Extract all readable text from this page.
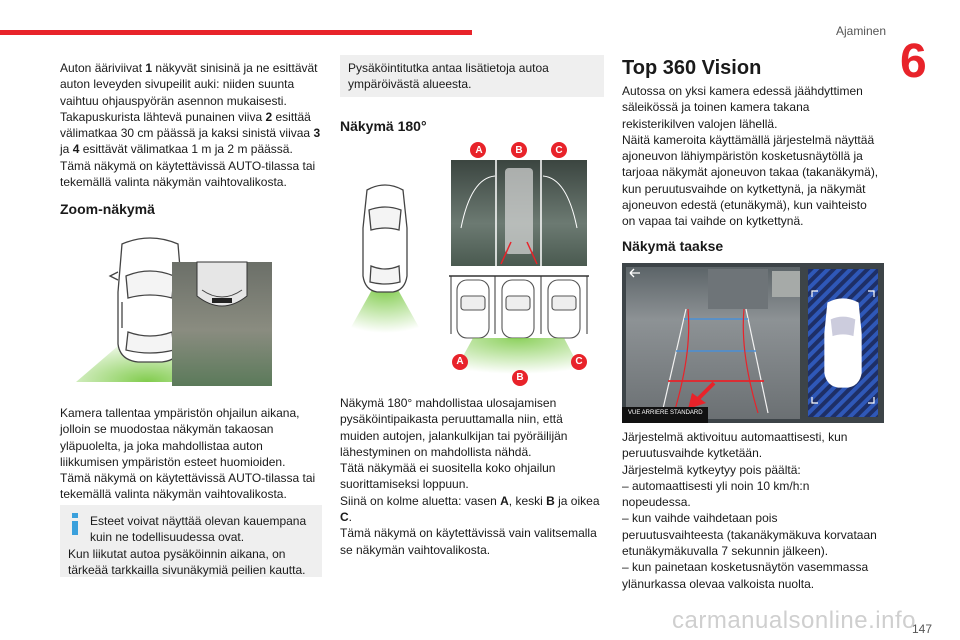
Ajaminen
6
Auton ääriviivat 1 näkyvät sinisinä ja ne esittävät
auton leveyden sivupeilit auki: niiden suunta
vaihtuu ohjauspyörän asennon mukaisesti.
Takapuskurista lähtevä punainen viiva 2 esittää
välimatkaa 30 cm päässä ja kaksi sinistä viivaa 3
ja 4 esittävät välimatkaa 1 m ja 2 m päässä.
Tämä näkymä on käytettävissä AUTO-tilassa tai
tekemällä valinta näkymän vaihtovalikosta.
Zoom-näkymä
Kamera tallentaa ympäristön ohjailun aikana,
jolloin se muodostaa näkymän takaosan
yläpuolelta, ja joka mahdollistaa auton
liikkumisen ympäristön esteet huomioiden.
Tämä näkymä on käytettävissä AUTO-tilassa tai
tekemällä valinta näkymän vaihtovalikosta.
Esteet voivat näyttää olevan kauempana
kuin ne todellisuudessa ovat.
Kun liikutat autoa pysäköinnin aikana, on
tärkeää tarkkailla sivunäkymiä peilien kautta.
Pysäköintitutka antaa lisätietoja autoa
ympäröivästä alueesta.
Näkymä 180°
A	B	C
A
B
C
Näkymä 180° mahdollistaa ulosajamisen
pysäköintipaikasta peruuttamalla niin, että
muiden autojen, jalankulkijan tai pyöräilijän
lähestyminen on mahdollista nähdä.
Tätä näkymää ei suositella koko ohjailun
suorittamiseksi loppuun.
Siinä on kolme aluetta: vasen A, keski B ja oikea
C.
Tämä näkymä on käytettävissä vain valitsemalla
se näkymän vaihtovalikosta.
Top 360 Vision
Autossa on yksi kamera edessä jäähdyttimen
säleikössä ja toinen kamera takana
rekisterikilven valojen lähellä.
Näitä kameroita käyttämällä järjestelmä näyttää
ajoneuvon lähiympäristön kosketusnäytöllä ja
tarjoaa näkymät ajoneuvon takaa (takanäkymä),
kun peruutusvaihde on kytkettynä, ja näkymät
ajoneuvon edestä (etunäkymä), kun vaihteisto
on vapaa tai vaihde on kytkettynä.
Näkymä taakse
VUE ARRIERE STANDARD
Järjestelmä aktivoituu automaattisesti, kun
peruutusvaihde kytketään.
Järjestelmä kytkeytyy pois päältä:
– automaattisesti yli noin 10 km/h:n
nopeudessa.
– kun vaihde vaihdetaan pois
peruutusvaihteesta (takanäkymäkuva korvataan
etunäkymäkuvalla 7 sekunnin jälkeen).
– kun painetaan kosketusnäytön vasemmassa
ylänurkassa olevaa valkoista nuolta.
carmanualsonline.info
147
